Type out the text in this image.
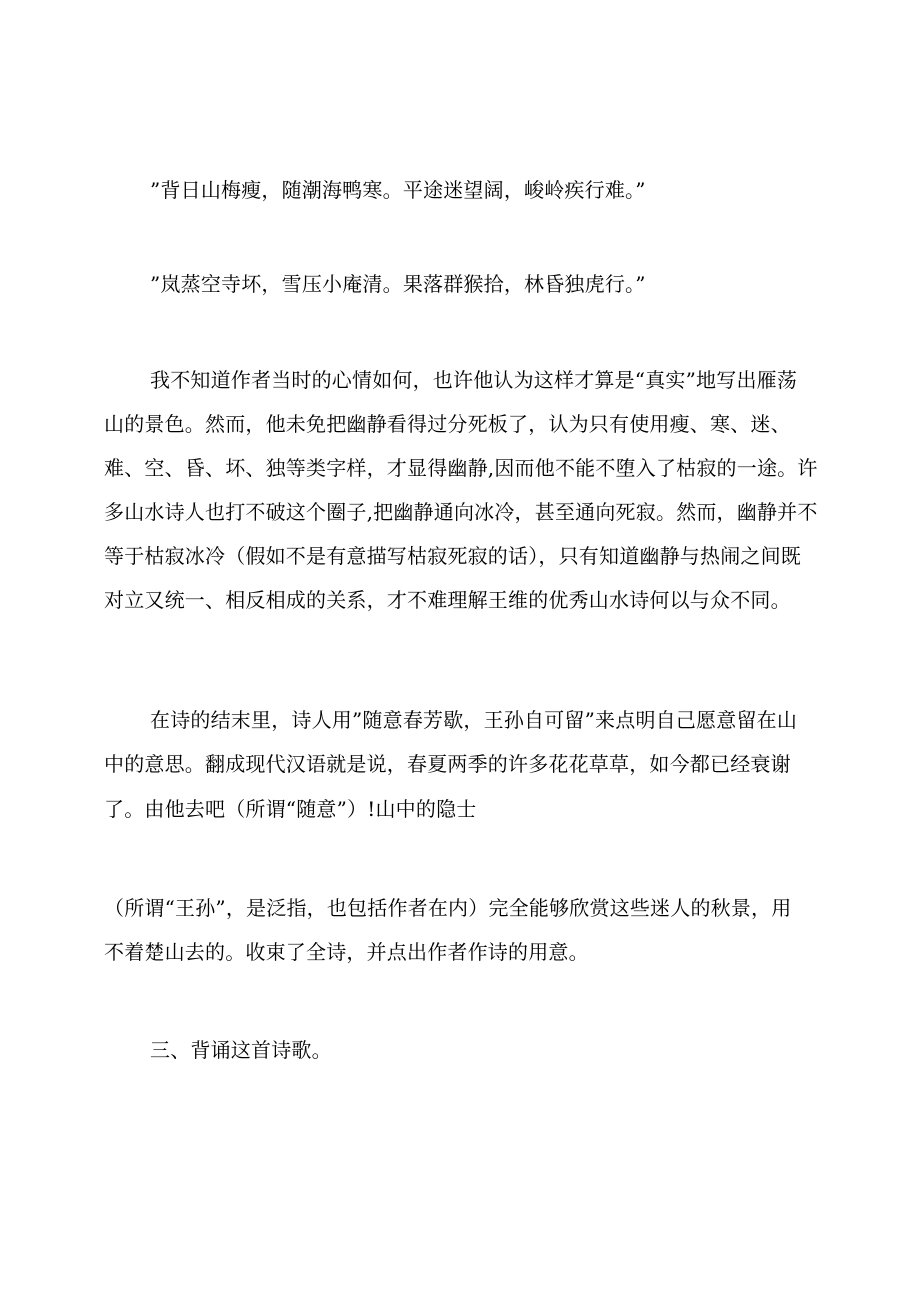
”背日山梅瘦，随潮海鸭寒。平途迷望阔，峻岭疾行难。”
”岚蒸空寺坏，雪压小庵清。果落群猴拾，林昏独虎行。”
我不知道作者当时的心情如何，也许他认为这样才算是“真实”地写出雁荡
山的景色。然而，他未免把幽静看得过分死板了，认为只有使用瘦、寒、迷、
难、空、昏、坏、独等类字样，才显得幽静,因而他不能不堕入了枯寂的一途。许
多山水诗人也打不破这个圈子,把幽静通向冰冷，甚至通向死寂。然而，幽静并不
等于枯寂冰冷（假如不是有意描写枯寂死寂的话），只有知道幽静与热闹之间既
对立又统一、相反相成的关系，才不难理解王维的优秀山水诗何以与众不同。
在诗的结末里，诗人用”随意春芳歇，王孙自可留”来点明自己愿意留在山
中的意思。翻成现代汉语就是说，春夏两季的许多花花草草，如今都已经衰谢
了。由他去吧（所谓“随意”）!山中的隐士
（所谓“王孙”，是泛指，也包括作者在内）完全能够欣赏这些迷人的秋景，用
不着楚山去的。收束了全诗，并点出作者作诗的用意。
三、背诵这首诗歌。
